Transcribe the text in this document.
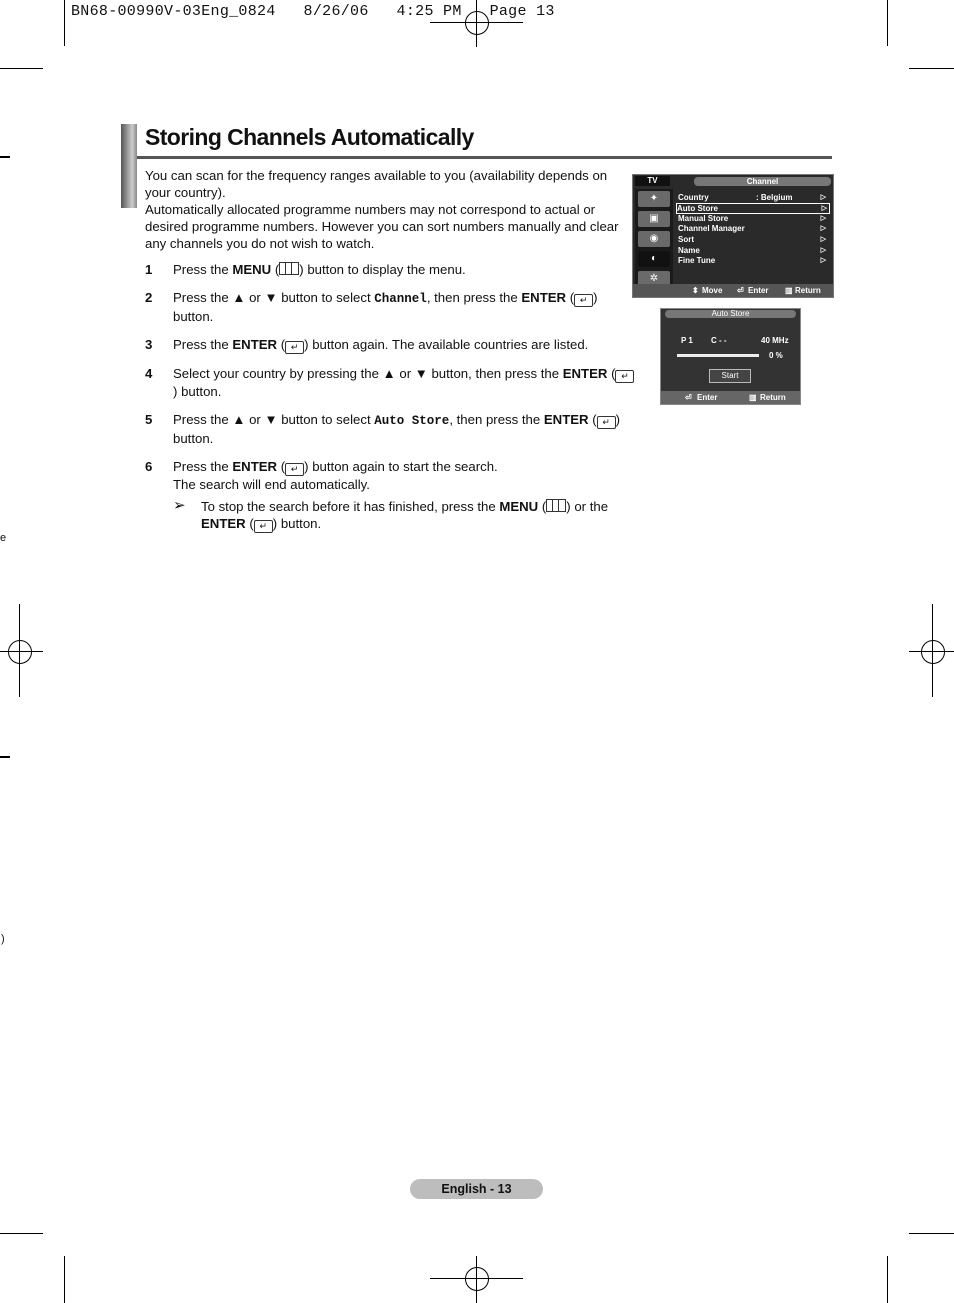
BN68-00990V-03Eng_0824   8/26/06   4:25 PM   Page 13
e
)
Storing Channels Automatically
You can scan for the frequency ranges available to you (availability depends on your country).
Automatically allocated programme numbers may not correspond to actual or desired programme numbers. However you can sort numbers manually and clear any channels you do not wish to watch.
1 Press the MENU ( ) button to display the menu.
2 Press the ▲ or ▼ button to select Channel, then press the ENTER ( ↵ ) button.
3 Press the ENTER ( ↵ ) button again. The available countries are listed.
4 Select your country by pressing the ▲ or ▼ button, then press the ENTER ( ↵) button.
5 Press the ▲ or ▼ button to select Auto Store, then press the ENTER ( ↵ ) button.
6 Press the ENTER ( ↵ ) button again to start the search.
The search will end automatically.
➢ To stop the search before it has finished, press the MENU ( ) or the ENTER ( ↵ ) button.
TV	Channel
✦
▣
◉
◐
✲
Country	: Belgium	▷
Auto Store	▷
Manual Store	▷
Channel Manager	▷
Sort	▷
Name	▷
Fine Tune	▷
⬍ Move ⏎ Enter ▥ Return
Auto Store
P 1 C - -	40 MHz
0 %
Start
⏎ Enter	▥ Return
English - 13
